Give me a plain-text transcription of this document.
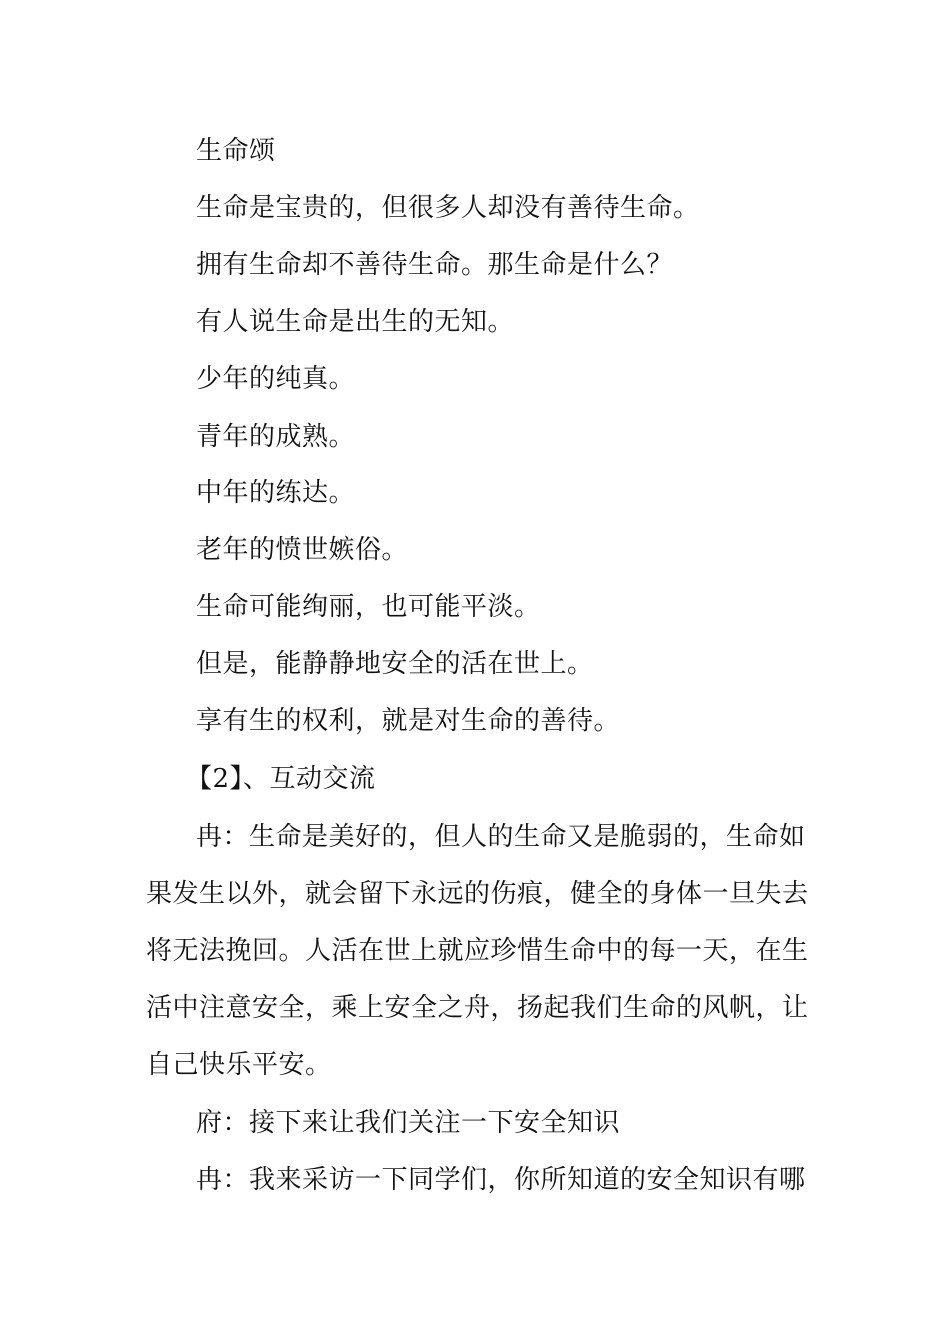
生命颂
生命是宝贵的，但很多人却没有善待生命。
拥有生命却不善待生命。那生命是什么？
有人说生命是出生的无知。
少年的纯真。
青年的成熟。
中年的练达。
老年的愤世嫉俗。
生命可能绚丽，也可能平淡。
但是，能静静地安全的活在世上。
享有生的权利，就是对生命的善待。
【2】、互动交流
冉：生命是美好的，但人的生命又是脆弱的，生命如
果发生以外，就会留下永远的伤痕，健全的身体一旦失去
将无法挽回。人活在世上就应珍惜生命中的每一天，在生
活中注意安全，乘上安全之舟，扬起我们生命的风帆，让
自己快乐平安。
府：接下来让我们关注一下安全知识
冉：我来采访一下同学们，你所知道的安全知识有哪
